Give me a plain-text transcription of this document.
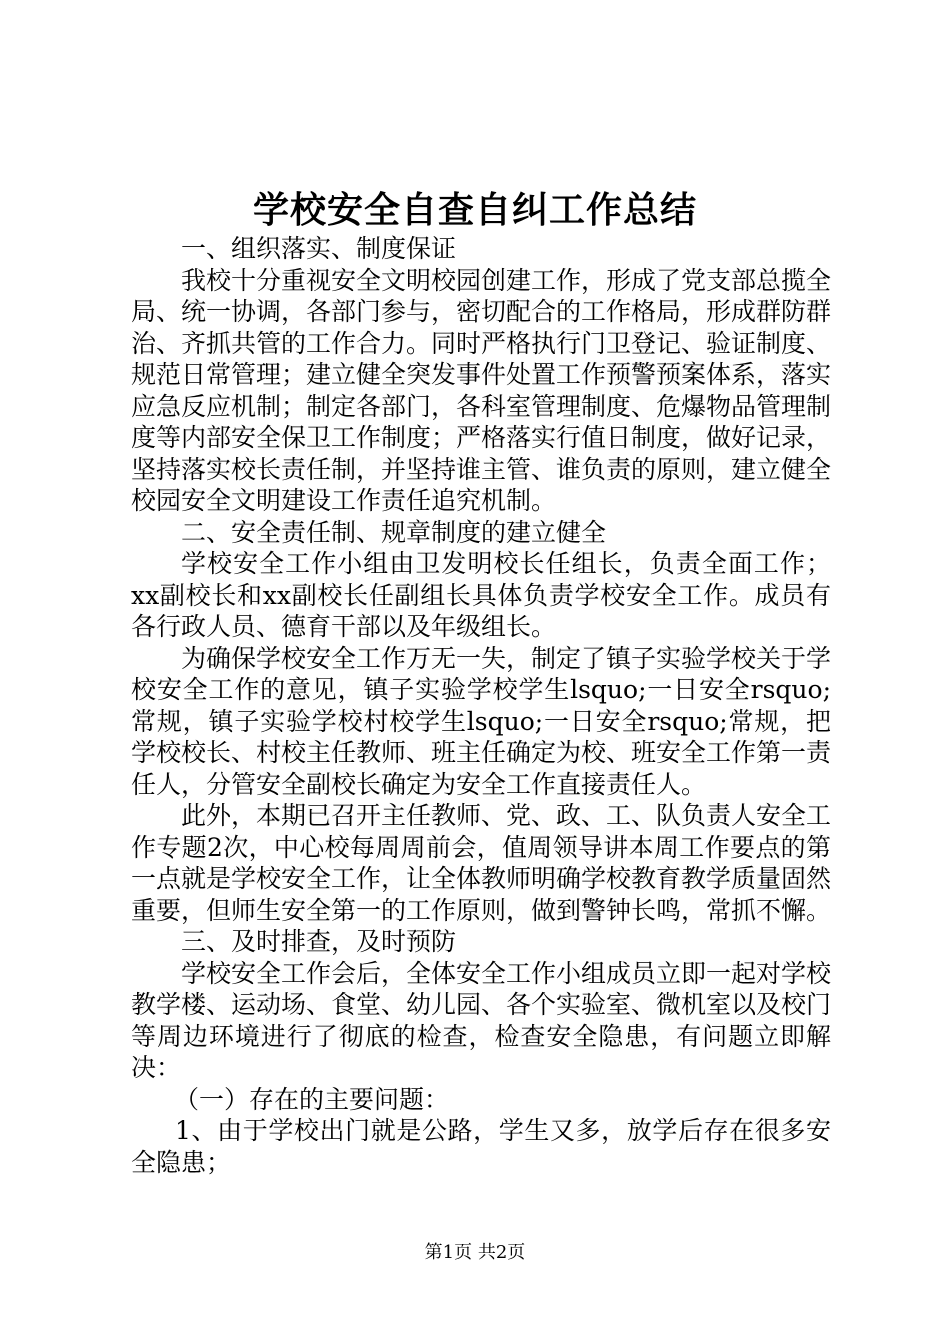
学校安全自查自纠工作总结

一、组织落实、制度保证

我校十分重视安全文明校园创建工作，形成了党支部总揽全局、统一协调，各部门参与，密切配合的工作格局，形成群防群治、齐抓共管的工作合力。同时严格执行门卫登记、验证制度、规范日常管理；建立健全突发事件处置工作预警预案体系，落实应急反应机制；制定各部门，各科室管理制度、危爆物品管理制度等内部安全保卫工作制度；严格落实行值日制度，做好记录，坚持落实校长责任制，并坚持谁主管、谁负责的原则，建立健全校园安全文明建设工作责任追究机制。

二、安全责任制、规章制度的建立健全

学校安全工作小组由卫发明校长任组长，负责全面工作；xx副校长和xx副校长任副组长具体负责学校安全工作。成员有各行政人员、德育干部以及年级组长。

为确保学校安全工作万无一失，制定了镇子实验学校关于学校安全工作的意见，镇子实验学校学生lsquo;一日安全rsquo;常规，镇子实验学校村校学生lsquo;一日安全rsquo;常规，把学校校长、村校主任教师、班主任确定为校、班安全工作第一责任人，分管安全副校长确定为安全工作直接责任人。

此外，本期已召开主任教师、党、政、工、队负责人安全工作专题2次，中心校每周周前会，值周领导讲本周工作要点的第一点就是学校安全工作，让全体教师明确学校教育教学质量固然重要，但师生安全第一的工作原则，做到警钟长鸣，常抓不懈。

三、及时排查，及时预防

学校安全工作会后，全体安全工作小组成员立即一起对学校教学楼、运动场、食堂、幼儿园、各个实验室、微机室以及校门等周边环境进行了彻底的检查，检查安全隐患，有问题立即解决：

（一）存在的主要问题：

1、由于学校出门就是公路，学生又多，放学后存在很多安全隐患；

第1页 共2页
